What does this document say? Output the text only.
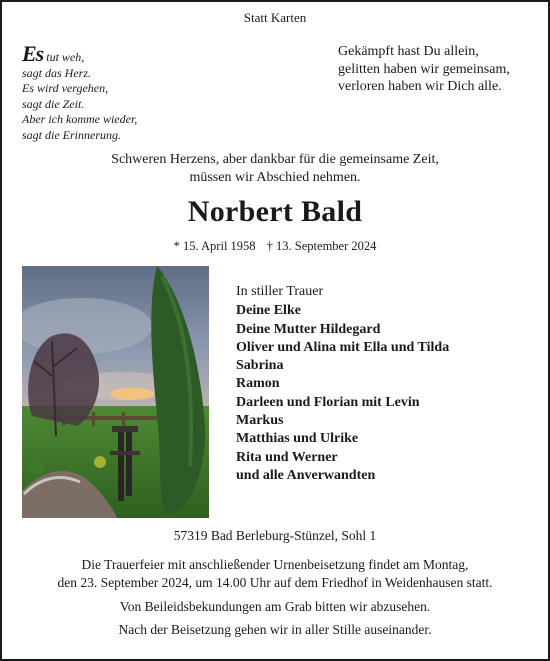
Statt Karten
Es tut weh,
sagt das Herz.
Es wird vergehen,
sagt die Zeit.
Aber ich komme wieder,
sagt die Erinnerung.
Gekämpft hast Du allein,
gelitten haben wir gemeinsam,
verloren haben wir Dich alle.
Schweren Herzens, aber dankbar für die gemeinsame Zeit,
müssen wir Abschied nehmen.
Norbert Bald
* 15. April 1958 † 13. September 2024
In stiller Trauer
Deine Elke
Deine Mutter Hildegard
Oliver und Alina mit Ella und Tilda
Sabrina
Ramon
Darleen und Florian mit Levin
Markus
Matthias und Ulrike
Rita und Werner
und alle Anverwandten
57319 Bad Berleburg-Stünzel, Sohl 1
Die Trauerfeier mit anschließender Urnenbeisetzung findet am Montag,
den 23. September 2024, um 14.00 Uhr auf dem Friedhof in Weidenhausen statt.
Von Beileidsbekundungen am Grab bitten wir abzusehen.
Nach der Beisetzung gehen wir in aller Stille auseinander.
